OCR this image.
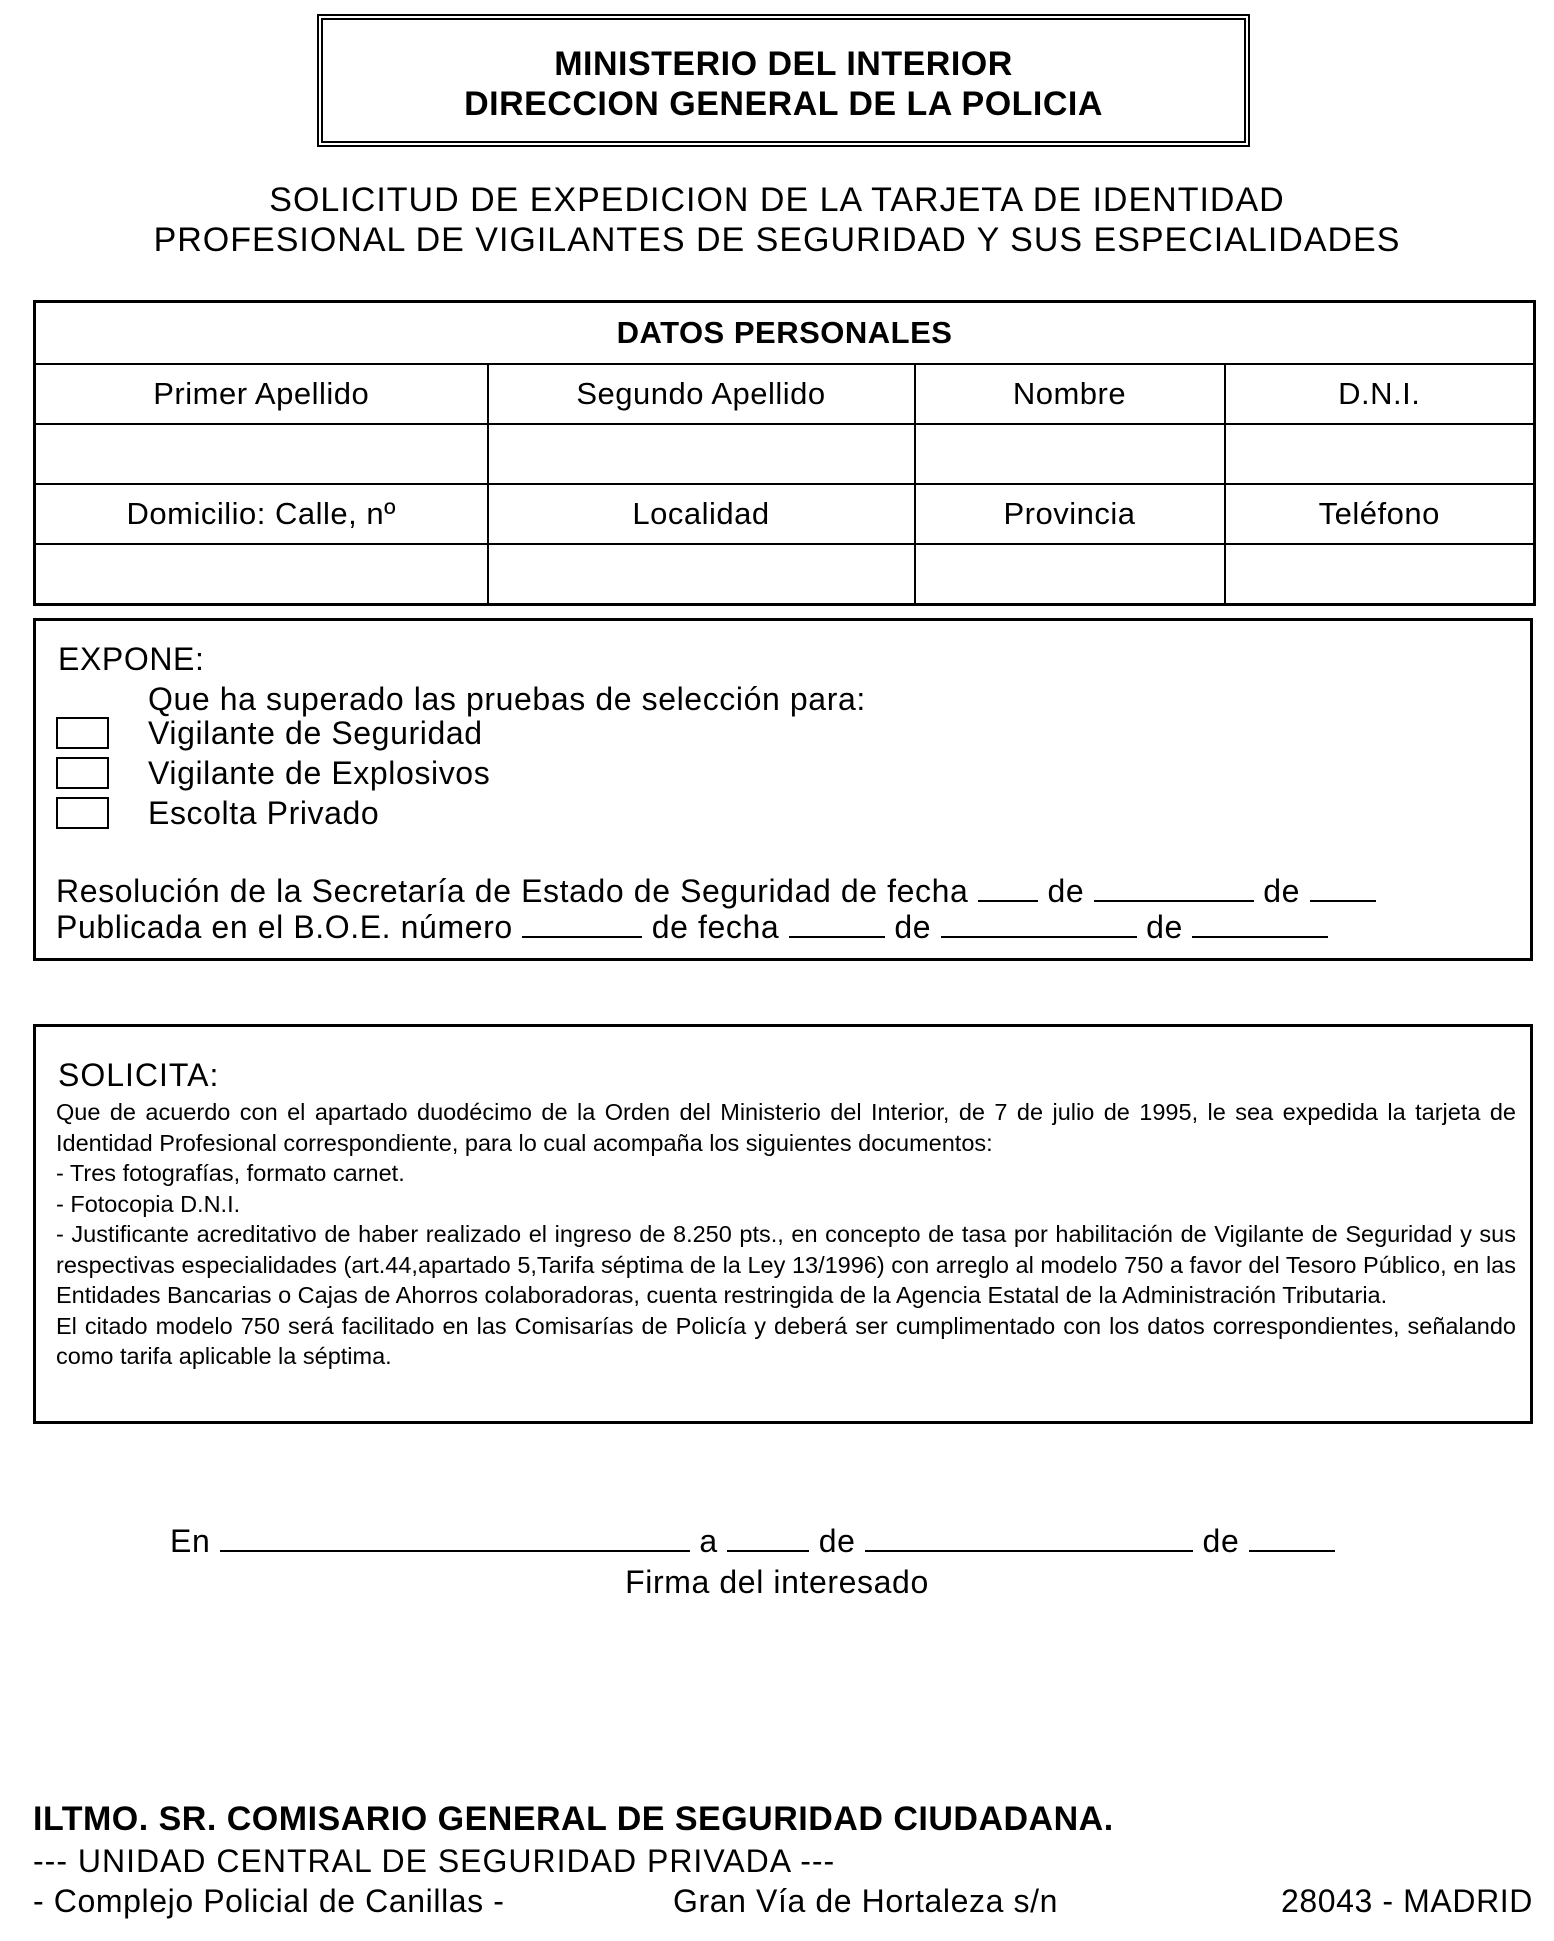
MINISTERIO DEL INTERIOR
DIRECCION GENERAL DE LA POLICIA
SOLICITUD DE EXPEDICION DE LA TARJETA DE IDENTIDAD
PROFESIONAL DE VIGILANTES DE SEGURIDAD Y SUS ESPECIALIDADES
DATOS PERSONALES			
Primer Apellido	Segundo Apellido	Nombre	D.N.I.

Domicilio: Calle, nº	Localidad	Provincia	Teléfono

EXPONE:
Que ha superado las pruebas de selección para:
Vigilante de Seguridad
Vigilante de Explosivos
Escolta Privado
Resolución de la Secretaría de Estado de Seguridad de fecha de	de
Publicada en el B.O.E. número	de fecha	de	de
SOLICITA:

Que de acuerdo con el apartado duodécimo de la Orden del Ministerio del Interior, de 7 de julio de 1995, le sea expedida la tarjeta de Identidad Profesional correspondiente, para lo cual acompaña los siguientes documentos:

- Tres fotografías, formato carnet.

- Fotocopia D.N.I.

- Justificante acreditativo de haber realizado el ingreso de 8.250 pts., en concepto de tasa por habilitación de Vigilante de Seguridad y sus respectivas especialidades (art.44,apartado 5,Tarifa séptima de la Ley 13/1996) con arreglo al modelo 750 a favor del Tesoro Público, en las Entidades Bancarias o Cajas de Ahorros colaboradoras, cuenta restringida de la Agencia Estatal de la Administración Tributaria.

El citado modelo 750 será facilitado en las Comisarías de Policía y deberá ser cumplimentado con los datos correspondientes, señalando como tarifa aplicable la séptima.

En	a	de	de
Firma del interesado
ILTMO. SR. COMISARIO GENERAL DE SEGURIDAD CIUDADANA.
--- UNIDAD CENTRAL DE SEGURIDAD PRIVADA ---
- Complejo Policial de Canillas -	Gran Vía de Hortaleza s/n	28043 - MADRID
